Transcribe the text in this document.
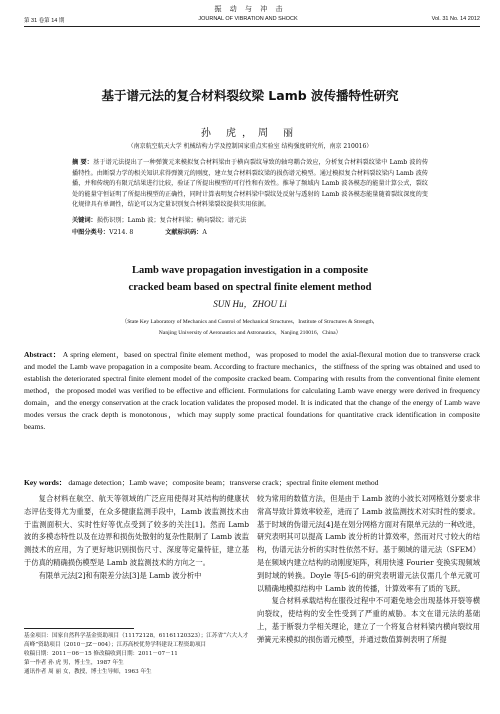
振 动 与 冲 击
第 31 卷第 14 期	JOURNAL OF VIBRATION AND SHOCK	Vol. 31 No. 14 2012
基于谱元法的复合材料裂纹梁 Lamb 波传播特性研究
孙 虎，周 丽
（南京航空航天大学 机械结构力学及控制国家重点实验室 结构强度研究所，南京 210016）
摘 要：基于谱元法提出了一种弹簧元来模拟复合材料梁由于横向裂纹导致的轴弯耦合效应，分析复合材料裂纹梁中 Lamb 波的传播特性。由断裂力学的相关知识求得弹簧元的刚度，建立复合材料裂纹梁的损伤谱元模型。通过模拟复合材料裂纹梁内 Lamb 波传播，并和传统的有限元结果进行比较，验证了所提出模型的可行性和有效性。推导了频域内 Lamb 波各模态的能量计算公式，裂纹处的能量守恒证明了所提出模型的正确性，同时计算表明复合材料梁中裂纹处反射与透射的 Lamb 波各模态能量随着裂纹深度的变化规律具有单调性，结论可以为定量识别复合材料梁裂纹提供实用依据。
关键词：损伤识别；Lamb 波；复合材料梁；横向裂纹；谱元法
中图分类号：V214. 8	文献标识码：A
Lamb wave propagation investigation in a composite
cracked beam based on spectral finite element method
SUN Hu，ZHOU Li
（State Key Laboratory of Mechanics and Control of Mechanical Structures，Institute of Structures & Strength，
Nanjing University of Aeronautics and Astronautics，Nanjing 210016，China）
Abstract： A spring element，based on spectral finite element method，was proposed to model the axial-flexural motion due to transverse crack and model the Lamb wave propagation in a composite beam. According to fracture mechanics，the stiffness of the spring was obtained and used to establish the deteriorated spectral finite element model of the composite cracked beam. Comparing with results from the conventional finite element method，the proposed model was verified to be effective and efficient. Formulations for calculating Lamb wave energy were derived in frequency domain，and the energy conservation at the crack location validates the proposed model. It is indicated that the change of the energy of Lamb wave modes versus the crack depth is monotonous，which may supply some practical foundations for quantitative crack identification in composite beams.
Key words： damage detection；Lamb wave；composite beam；transverse crack；spectral finite element method

复合材料在航空、航天等领域的广泛应用使得对其结构的健康状态评估变得尤为重要，在众多健康监测手段中，Lamb 波监测技术由于监测面积大、实时性好等优点受到了较多的关注[1]。然而 Lamb 波的多模态特性以及在边界和损伤处散射的复杂性限制了 Lamb 波监测技术的应用，为了更好地识别损伤尺寸、深度等定量特征，建立基于仿真的精确损伤模型是 Lamb 波监测技术的方向之一。

有限单元法[2]和有限差分法[3]是 Lamb 波分析中

较为常用的数值方法，但是由于 Lamb 波的小波长对网格划分要求非常高导致计算效率较差，进而了 Lamb 波监测技术对实时性的要求。基于时域的伪谱元法[4]是在划分网格方面对有限单元法的一种改进，研究表明其可以提高 Lamb 波分析的计算效率，然而对尺寸较大的结构，伪谱元法分析的实时性依然不好。基于频域的谱元法（SFEM）是在频域内建立结构的动刚度矩阵，利用快速 Fourier 变换实现频域到时域的转换。Doyle 等[5-6]的研究表明谱元法仅需几个单元就可以精确地模拟结构中 Lamb 波的传播，计算效率有了质的飞跃。

复合材料承载结构在服役过程中不可避免地会出现基体开裂等横向裂纹，使结构的安全性受到了严重的威胁。本文在谱元法的基础上，基于断裂力学相关理论，建立了一个将复合材料梁内横向裂纹用弹簧元来模拟的损伤谱元模型，并通过数值算例表明了所提

基金项目：国家自然科学基金资助项目（11172128，61161120323）；江苏省“六大人才高峰”资助项目（2010－JZ－004）；江苏高校优势学科建设工程资助项目
收稿日期：2011－06－15 修改稿收到日期：2011－07－11
第一作者 孙 虎 男，博士生，1987 年生
通讯作者 周 丽 女，教授，博士生导师，1963 年生
